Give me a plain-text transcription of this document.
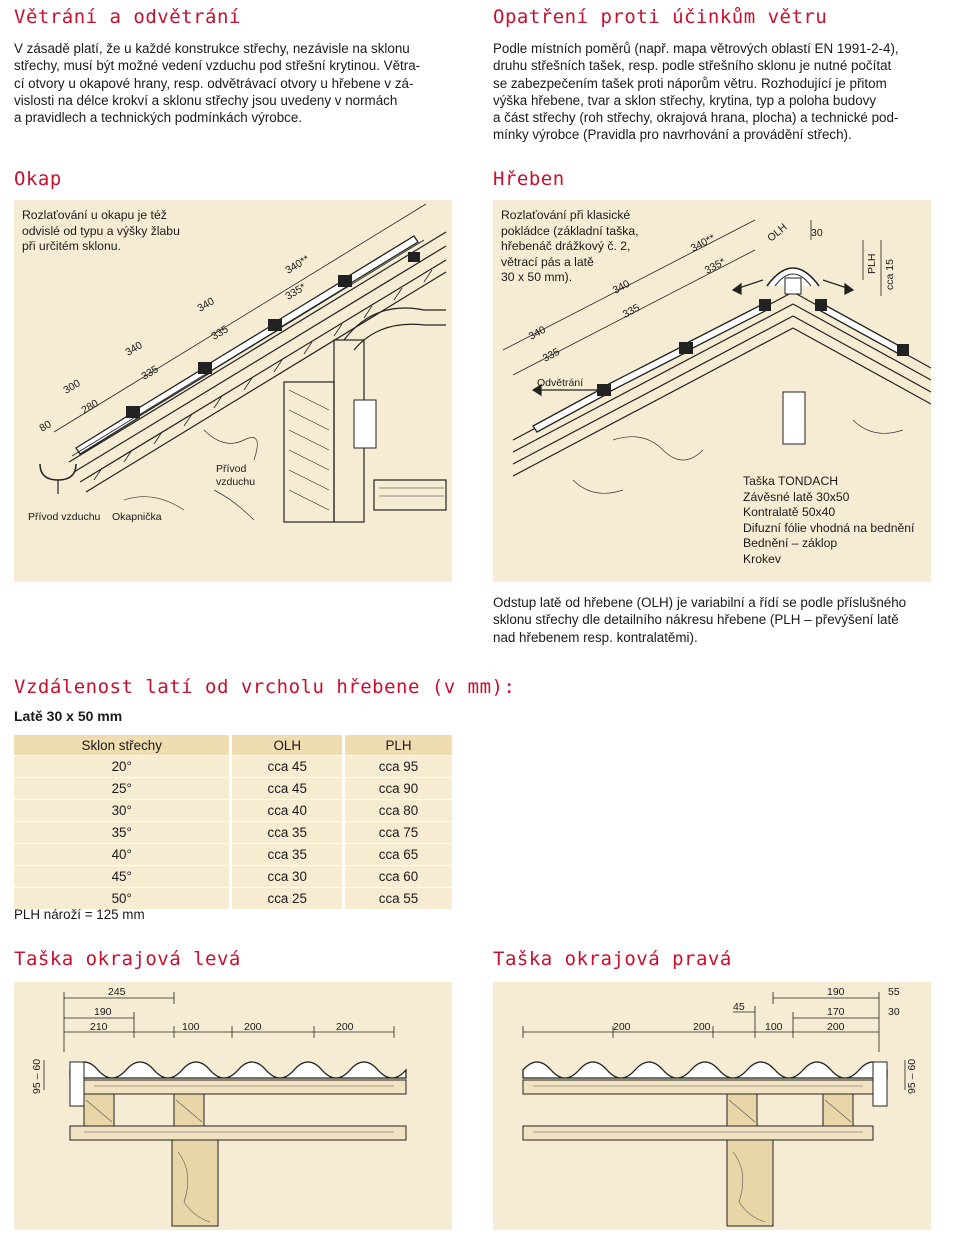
Větrání a odvětrání
V zásadě platí, že u každé konstrukce střechy, nezávisle na sklonu
střechy, musí být možné vedení vzduchu pod střešní krytinou. Větra-
cí otvory u okapové hrany, resp. odvětrávací otvory u hřebene v zá-
vislosti na délce krokví a sklonu střechy jsou uvedeny v normách
a pravidlech a technických podmínkách výrobce.
Opatření proti účinkům větru
Podle místních poměrů (např. mapa větrových oblastí EN 1991-2-4),
druhu střešních tašek, resp. podle střešního sklonu je nutné počítat
se zabezpečením tašek proti náporům větru. Rozhodující je přitom
výška hřebene, tvar a sklon střechy, krytina, typ a poloha budovy
a část střechy (roh střechy, okrajová hrana, plocha) a technické pod-
mínky výrobce (Pravidla pro navrhování a provádění střech).
Okap
340**
340
340
300
80
335*
335
335
280
Přívod vzduchu Okapnička
Přívod
vzduchu
Rozlaťování u okapu je též
odvislé od typu a výšky žlabu
při určitém sklonu.
Hřeben
340**
340
340
335*
335
335
OLH 30
PLH cca 15
Odvětrání
Rozlaťování při klasické
pokládce (základní taška,
hřebenáč drážkový č. 2,
větrací pás a latě
30 x 50 mm).
Taška TONDACH
Závěsné latě 30x50
Kontralatě 50x40
Difuzní fólie vhodná na bednění
Bednění – záklop
Krokev
Odstup latě od hřebene (OLH) je variabilní a řídí se podle příslušného
sklonu střechy dle detailního nákresu hřebene (PLH – převýšení latě
nad hřebenem resp. kontralatěmi).
Vzdálenost latí od vrcholu hřebene (v mm):
Latě 30 x 50 mm
Sklon střechy	OLH	PLH
20°	cca 45	cca 95
25°	cca 45	cca 90
30°	cca 40	cca 80
35°	cca 35	cca 75
40°	cca 35	cca 65
45°	cca 30	cca 60
50°	cca 25	cca 55
PLH nároží = 125 mm
Taška okrajová levá
245
190
210	100	200	200
95 – 60
Taška okrajová pravá
190	55
45	170	30
200	200	100	200
95 – 60
